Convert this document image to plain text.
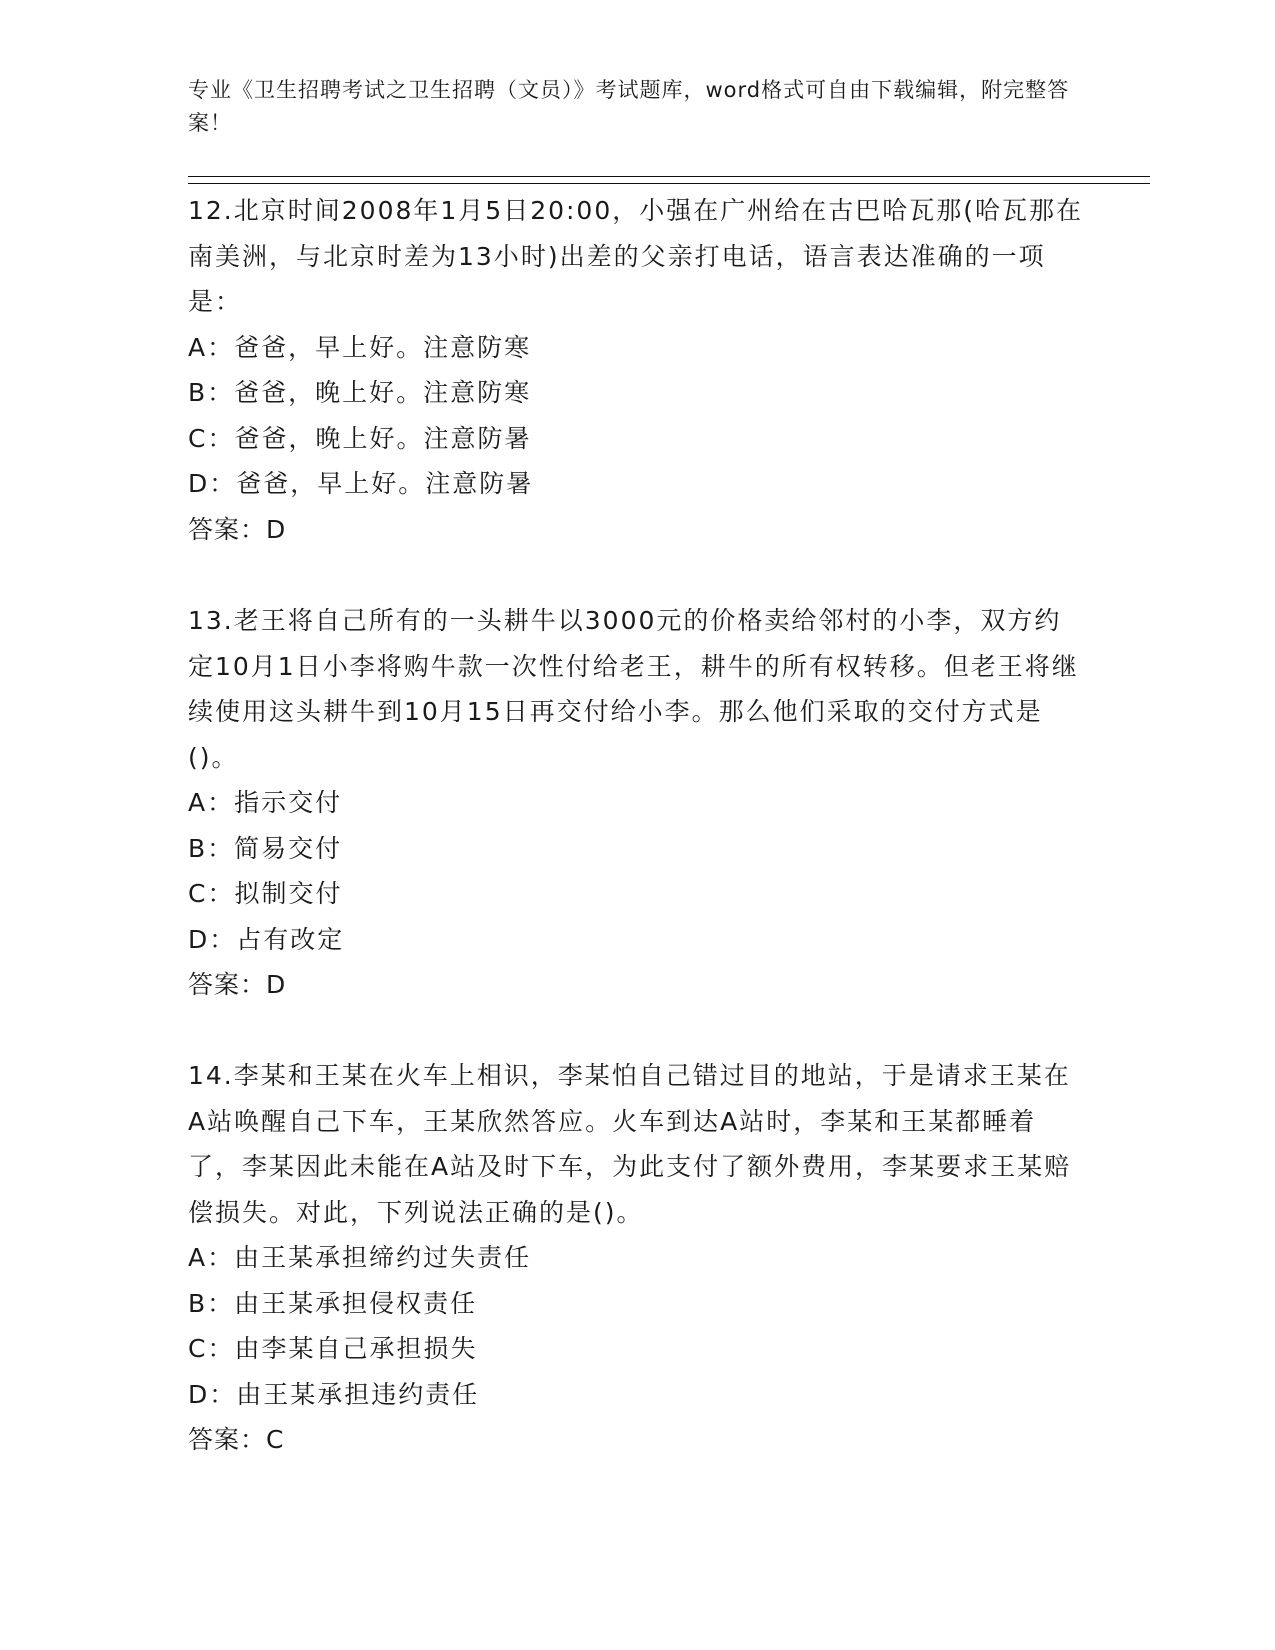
专业《卫生招聘考试之卫生招聘（文员）》考试题库，word格式可自由下载编辑，附完整答案！

12.北京时间2008年1月5日20:00，小强在广州给在古巴哈瓦那(哈瓦那在南美洲，与北京时差为13小时)出差的父亲打电话，语言表达准确的一项是：

A：爸爸，早上好。注意防寒
B：爸爸，晚上好。注意防寒
C：爸爸，晚上好。注意防暑
D：爸爸，早上好。注意防暑
答案：D

13.老王将自己所有的一头耕牛以3000元的价格卖给邻村的小李，双方约定10月1日小李将购牛款一次性付给老王，耕牛的所有权转移。但老王将继续使用这头耕牛到10月15日再交付给小李。那么他们采取的交付方式是()。

A：指示交付
B：简易交付
C：拟制交付
D：占有改定
答案：D

14.李某和王某在火车上相识，李某怕自己错过目的地站，于是请求王某在A站唤醒自己下车，王某欣然答应。火车到达A站时，李某和王某都睡着了，李某因此未能在A站及时下车，为此支付了额外费用，李某要求王某赔偿损失。对此，下列说法正确的是()。

A：由王某承担缔约过失责任
B：由王某承担侵权责任
C：由李某自己承担损失
D：由王某承担违约责任
答案：C
